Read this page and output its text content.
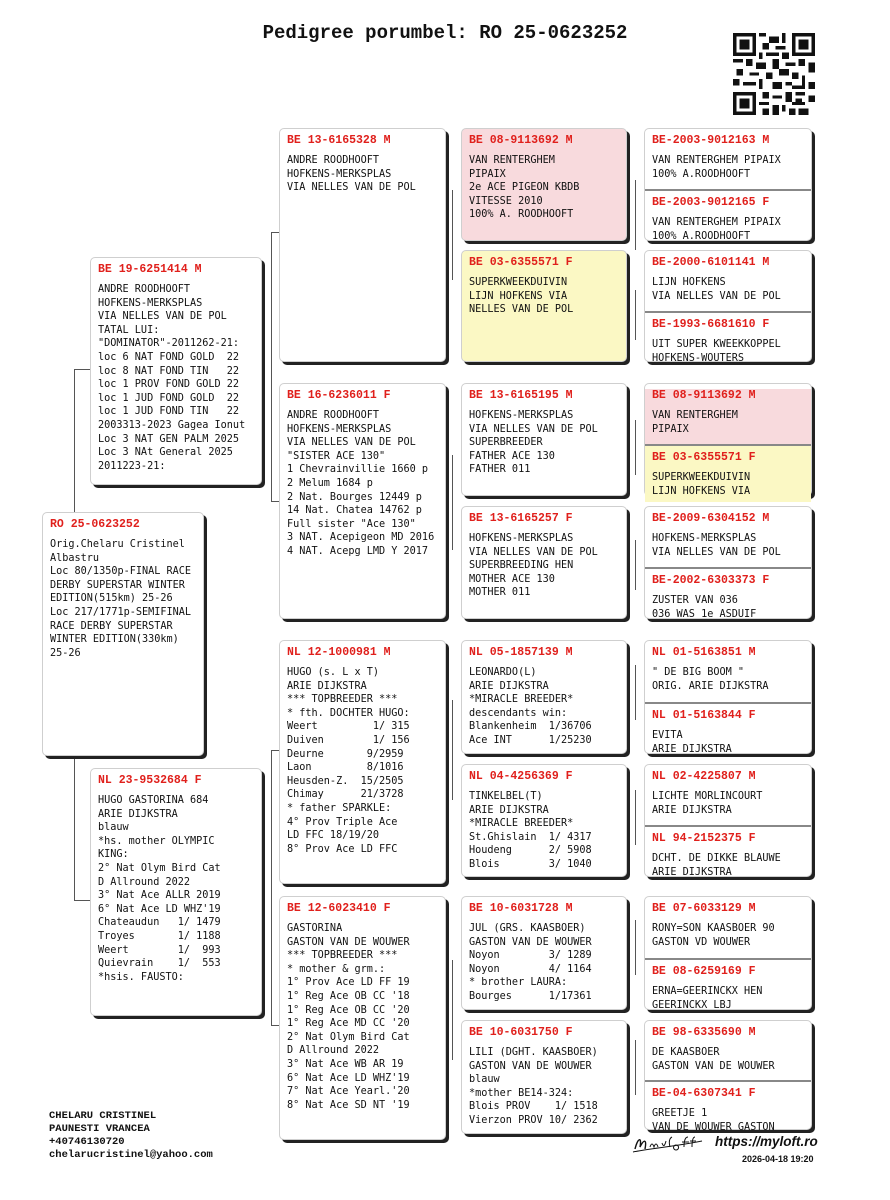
Pedigree porumbel: RO 25-0623252
RO 25-0623252
Orig.Chelaru Cristinel
Albastru
Loc 80/1350p-FINAL RACE
DERBY SUPERSTAR WINTER
EDITION(515km) 25-26
Loc 217/1771p-SEMIFINAL
RACE DERBY SUPERSTAR
WINTER EDITION(330km)
25-26
BE 19-6251414 M
ANDRE ROODHOOFT
HOFKENS-MERKSPLAS
VIA NELLES VAN DE POL
TATAL LUI:
"DOMINATOR"-2011262-21:
loc 6 NAT FOND GOLD  22
loc 8 NAT FOND TIN   22
loc 1 PROV FOND GOLD 22
loc 1 JUD FOND GOLD  22
loc 1 JUD FOND TIN   22
2003313-2023 Gagea Ionut
Loc 3 NAT GEN PALM 2025
Loc 3 NAt General 2025
2011223-21:
NL 23-9532684 F
HUGO GASTORINA 684
ARIE DIJKSTRA
blauw
*hs. mother OLYMPIC
KING:
2° Nat Olym Bird Cat
D Allround 2022
3° Nat Ace ALLR 2019
6° Nat Ace LD WHZ'19
Chateaudun   1/ 1479
Troyes       1/ 1188
Weert        1/  993
Quievrain    1/  553
*hsis. FAUSTO:
BE 13-6165328 M
ANDRE ROODHOOFT
HOFKENS-MERKSPLAS
VIA NELLES VAN DE POL
BE 16-6236011 F
ANDRE ROODHOOFT
HOFKENS-MERKSPLAS
VIA NELLES VAN DE POL
"SISTER ACE 130"
1 Chevrainvillie 1660 p
2 Melum 1684 p
2 Nat. Bourges 12449 p
14 Nat. Chatea 14762 p
Full sister "Ace 130"
3 NAT. Acepigeon MD 2016
4 NAT. Acepg LMD Y 2017
NL 12-1000981 M
HUGO (s. L x T)
ARIE DIJKSTRA
*** TOPBREEDER ***
* fth. DOCHTER HUGO:
Weert         1/ 315
Duiven        1/ 156
Deurne       9/2959
Laon         8/1016
Heusden-Z.  15/2505
Chimay      21/3728
* father SPARKLE:
4° Prov Triple Ace
LD FFC 18/19/20
8° Prov Ace LD FFC
BE 12-6023410 F
GASTORINA
GASTON VAN DE WOUWER
*** TOPBREEDER ***
* mother & grm.:
1° Prov Ace LD FF 19
1° Reg Ace OB CC '18
1° Reg Ace OB CC '20
1° Reg Ace MD CC '20
2° Nat Olym Bird Cat
D Allround 2022
3° Nat Ace WB AR 19
6° Nat Ace LD WHZ'19
7° Nat Ace Yearl.'20
8° Nat Ace SD NT '19
BE 08-9113692 M
VAN RENTERGHEM
PIPAIX
2e ACE PIGEON KBDB
VITESSE 2010
100% A. ROODHOOFT
BE 03-6355571 F
SUPERKWEEKDUIVIN
LIJN HOFKENS VIA
NELLES VAN DE POL
BE 13-6165195 M
HOFKENS-MERKSPLAS
VIA NELLES VAN DE POL
SUPERBREEDER
FATHER ACE 130
FATHER 011
BE 13-6165257 F
HOFKENS-MERKSPLAS
VIA NELLES VAN DE POL
SUPERBREEDING HEN
MOTHER ACE 130
MOTHER 011
NL 05-1857139 M
LEONARDO(L)
ARIE DIJKSTRA
*MIRACLE BREEDER*
descendants win:
Blankenheim  1/36706
Ace INT      1/25230
NL 04-4256369 F
TINKELBEL(T)
ARIE DIJKSTRA
*MIRACLE BREEDER*
St.Ghislain  1/ 4317
Houdeng      2/ 5908
Blois        3/ 1040
BE 10-6031728 M
JUL (GRS. KAASBOER)
GASTON VAN DE WOUWER
Noyon        3/ 1289
Noyon        4/ 1164
* brother LAURA:
Bourges      1/17361
BE 10-6031750 F
LILI (DGHT. KAASBOER)
GASTON VAN DE WOUWER
blauw
*mother BE14-324:
Blois PROV    1/ 1518
Vierzon PROV 10/ 2362
BE-2003-9012163 M
VAN RENTERGHEM PIPAIX
100% A.ROODHOOFT
BE-2003-9012165 F
VAN RENTERGHEM PIPAIX
100% A.ROODHOOFT
BE-2000-6101141 M
LIJN HOFKENS
VIA NELLES VAN DE POL
BE-1993-6681610 F
UIT SUPER KWEEKKOPPEL
HOFKENS-WOUTERS
BE 08-9113692 M
VAN RENTERGHEM
PIPAIX
BE 03-6355571 F
SUPERKWEEKDUIVIN
LIJN HOFKENS VIA
BE-2009-6304152 M
HOFKENS-MERKSPLAS
VIA NELLES VAN DE POL
BE-2002-6303373 F
ZUSTER VAN 036
036 WAS 1e ASDUIF
NL 01-5163851 M
" DE BIG BOOM "
ORIG. ARIE DIJKSTRA
NL 01-5163844 F
EVITA
ARIE DIJKSTRA
NL 02-4225807 M
LICHTE MORLINCOURT
ARIE DIJKSTRA
NL 94-2152375 F
DCHT. DE DIKKE BLAUWE
ARIE DIJKSTRA
BE 07-6033129 M
RONY=SON KAASBOER 90
GASTON VD WOUWER
BE 08-6259169 F
ERNA=GEERINCKX HEN
GEERINCKX LBJ
BE 98-6335690 M
DE KAASBOER
GASTON VAN DE WOUWER
BE-04-6307341 F
GREETJE 1
VAN DE WOUWER GASTON
CHELARU CRISTINEL
PAUNESTI VRANCEA
+40746130720
chelarucristinel@yahoo.com
https://myloft.ro
2026-04-18 19:20
